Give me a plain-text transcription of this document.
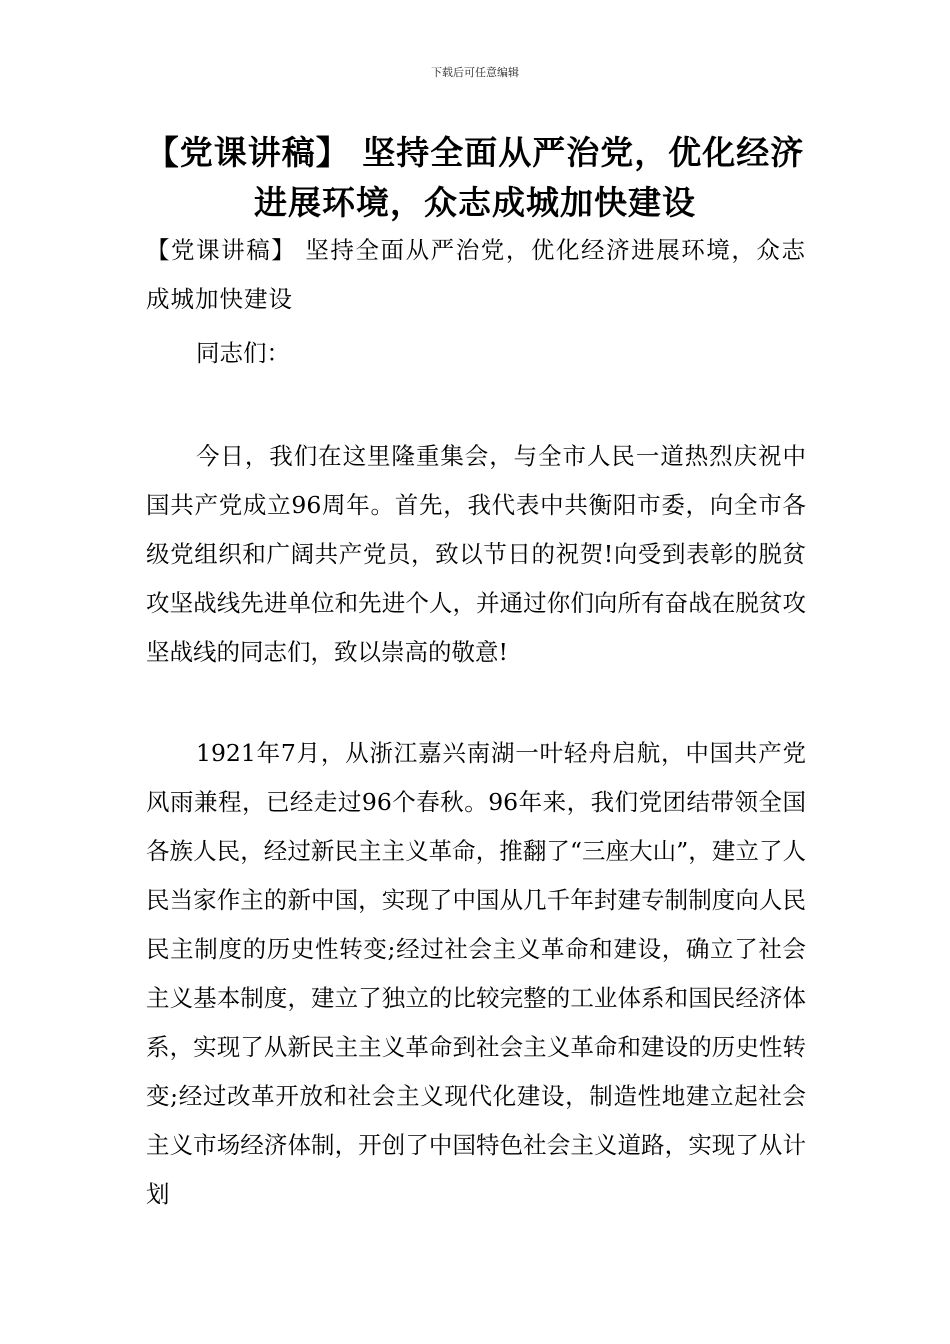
下载后可任意编辑
【党课讲稿】 坚持全面从严治党，优化经济进展环境，众志成城加快建设

【党课讲稿】 坚持全面从严治党，优化经济进展环境，众志成城加快建设

同志们：

今日，我们在这里隆重集会，与全市人民一道热烈庆祝中国共产党成立96周年。首先，我代表中共衡阳市委，向全市各级党组织和广阔共产党员，致以节日的祝贺!向受到表彰的脱贫攻坚战线先进单位和先进个人，并通过你们向所有奋战在脱贫攻坚战线的同志们，致以崇高的敬意!

1921年7月，从浙江嘉兴南湖一叶轻舟启航，中国共产党风雨兼程，已经走过96个春秋。96年来，我们党团结带领全国各族人民，经过新民主主义革命，推翻了“三座大山”，建立了人民当家作主的新中国，实现了中国从几千年封建专制制度向人民民主制度的历史性转变;经过社会主义革命和建设，确立了社会主义基本制度，建立了独立的比较完整的工业体系和国民经济体系，实现了从新民主主义革命到社会主义革命和建设的历史性转变;经过改革开放和社会主义现代化建设，制造性地建立起社会主义市场经济体制，开创了中国特色社会主义道路，实现了从计划
